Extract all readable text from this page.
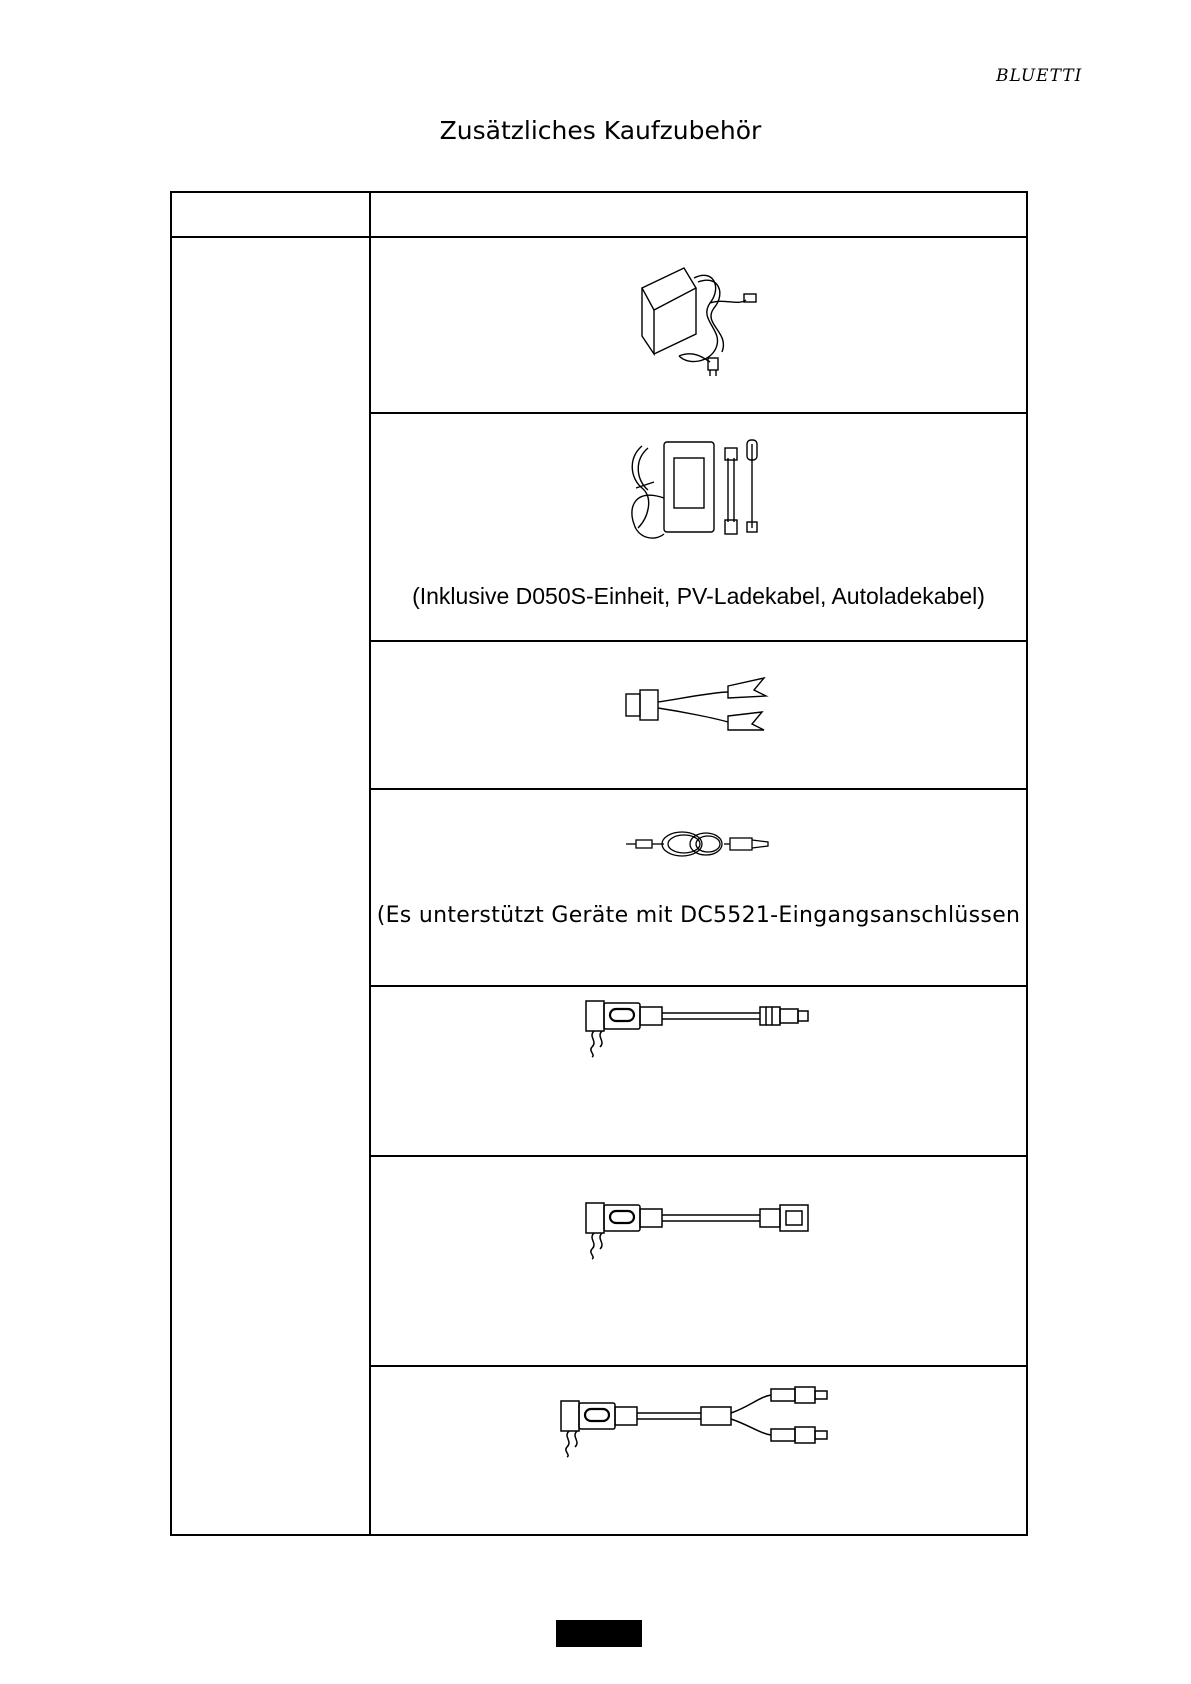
BLUETTI
Zusätzliches Kaufzubehör
(Inklusive D050S-Einheit, PV-Ladekabel, Autoladekabel)
(Es unterstützt Geräte mit DC5521-Eingangsanschlüssen
